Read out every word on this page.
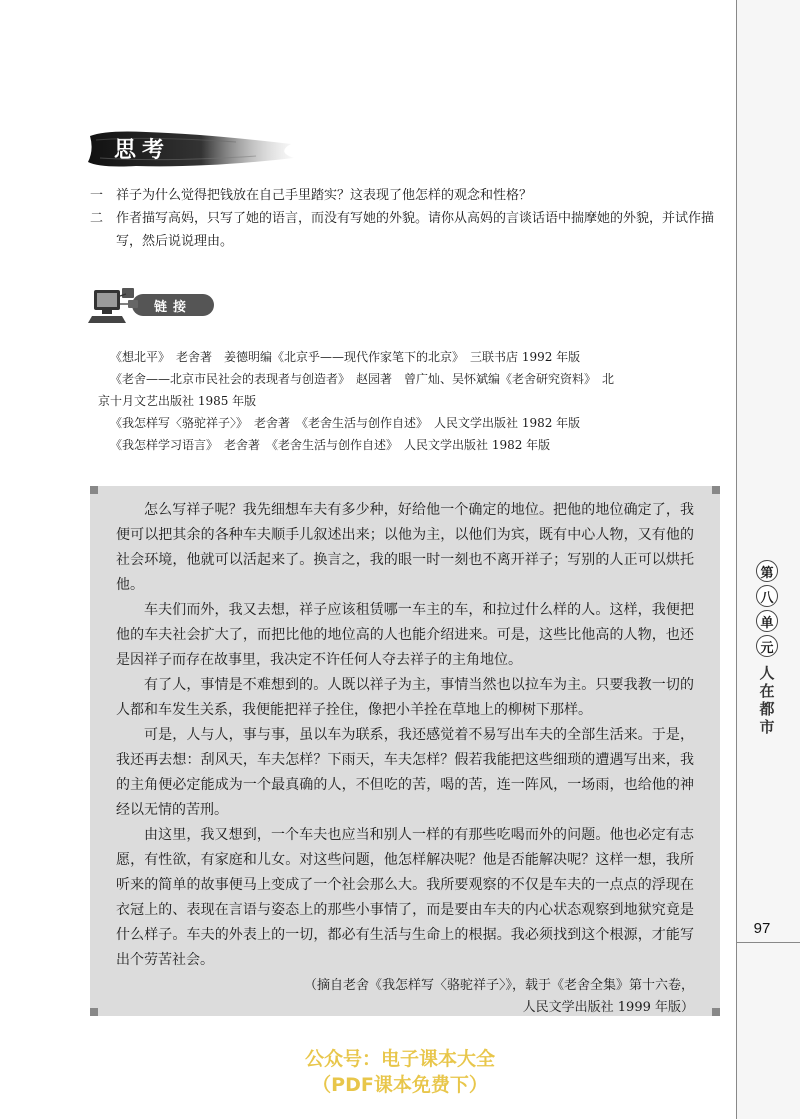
第
八
单
元
人在都市
97
思考
一 祥子为什么觉得把钱放在自己手里踏实？这表现了他怎样的观念和性格？
二 作者描写高妈，只写了她的语言，而没有写她的外貌。请你从高妈的言谈话语中揣摩她的外貌，并试作描写，然后说说理由。
链接
《想北平》　老舍著　姜德明编《北京乎——现代作家笔下的北京》　三联书店 1992 年版
《老舍——北京市民社会的表现者与创造者》　赵园著　曾广灿、吴怀斌编《老舍研究资料》　北
京十月文艺出版社 1985 年版
《我怎样写〈骆驼祥子〉》　老舍著　《老舍生活与创作自述》　人民文学出版社 1982 年版
《我怎样学习语言》　老舍著　《老舍生活与创作自述》　人民文学出版社 1982 年版

怎么写祥子呢？我先细想车夫有多少种，好给他一个确定的地位。把他的地位确定了，我便可以把其余的各种车夫顺手儿叙述出来；以他为主，以他们为宾，既有中心人物，又有他的社会环境，他就可以活起来了。换言之，我的眼一时一刻也不离开祥子；写别的人正可以烘托他。

车夫们而外，我又去想，祥子应该租赁哪一车主的车，和拉过什么样的人。这样，我便把他的车夫社会扩大了，而把比他的地位高的人也能介绍进来。可是，这些比他高的人物，也还是因祥子而存在故事里，我决定不许任何人夺去祥子的主角地位。

有了人，事情是不难想到的。人既以祥子为主，事情当然也以拉车为主。只要我教一切的人都和车发生关系，我便能把祥子拴住，像把小羊拴在草地上的柳树下那样。

可是，人与人，事与事，虽以车为联系，我还感觉着不易写出车夫的全部生活来。于是，我还再去想：刮风天，车夫怎样？下雨天，车夫怎样？假若我能把这些细琐的遭遇写出来，我的主角便必定能成为一个最真确的人，不但吃的苦，喝的苦，连一阵风，一场雨，也给他的神经以无情的苦刑。

由这里，我又想到，一个车夫也应当和别人一样的有那些吃喝而外的问题。他也必定有志愿，有性欲，有家庭和儿女。对这些问题，他怎样解决呢？他是否能解决呢？这样一想，我所听来的简单的故事便马上变成了一个社会那么大。我所要观察的不仅是车夫的一点点的浮现在衣冠上的、表现在言语与姿态上的那些小事情了，而是要由车夫的内心状态观察到地狱究竟是什么样子。车夫的外表上的一切，都必有生活与生命上的根据。我必须找到这个根源，才能写出个劳苦社会。

（摘自老舍《我怎样写〈骆驼祥子〉》，载于《老舍全集》第十六卷，

人民文学出版社 1999 年版）

公众号：电子课本大全
（PDF课本免费下）
